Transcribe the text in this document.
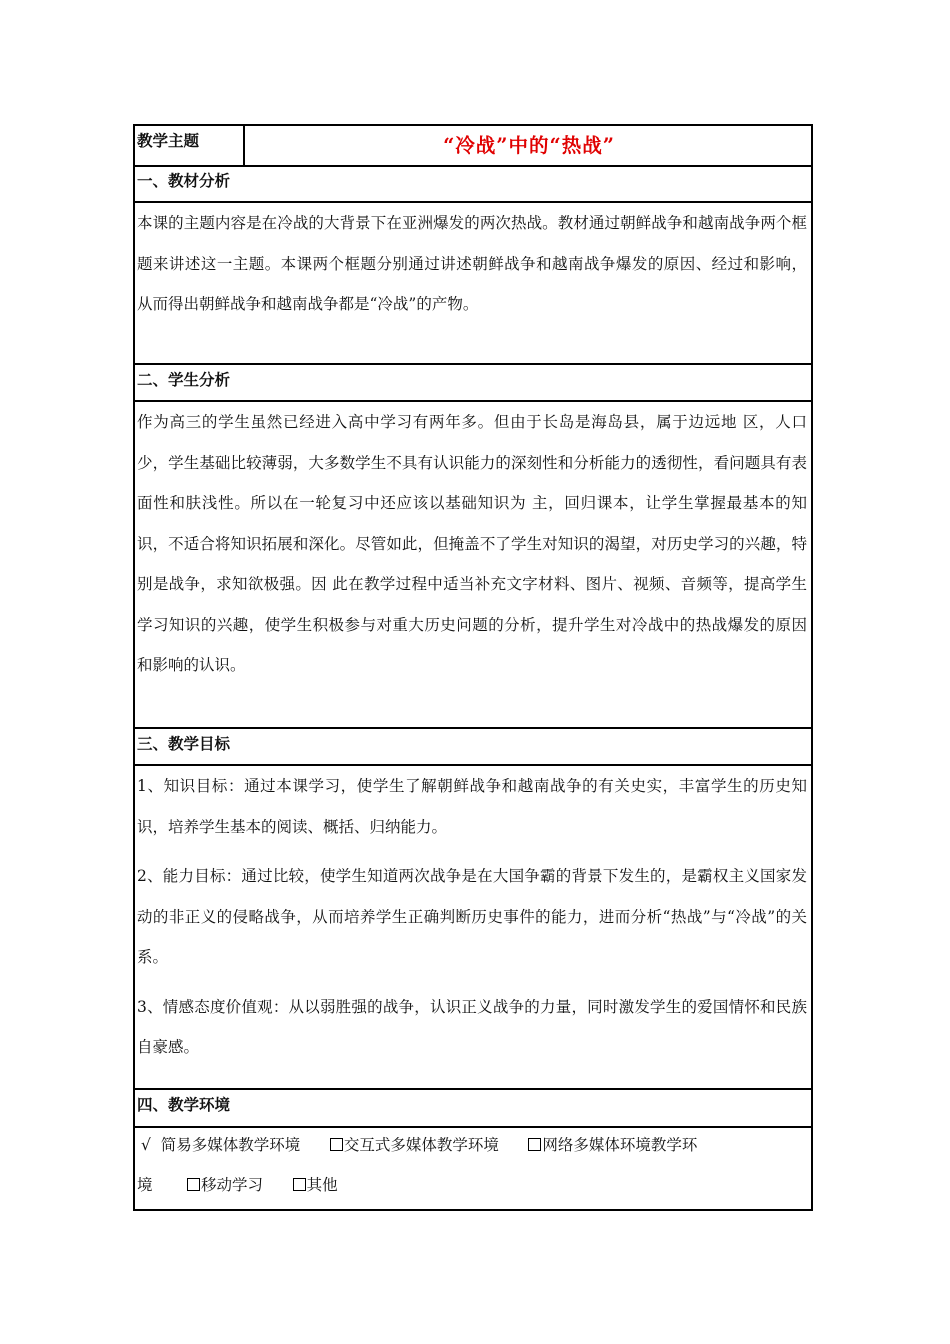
教学主题	“冷战”中的“热战”
一、教材分析
本课的主题内容是在冷战的大背景下在亚洲爆发的两次热战。教材通过朝鲜战争和越南战争两个框题来讲述这一主题。本课两个框题分别通过讲述朝鲜战争和越南战争爆发的原因、经过和影响， 从而得出朝鲜战争和越南战争都是“冷战”的产物。
二、学生分析
作为高三的学生虽然已经进入高中学习有两年多。但由于长岛是海岛县，属于边远地 区，人口少，学生基础比较薄弱，大多数学生不具有认识能力的深刻性和分析能力的透彻性，看问题具有表面性和肤浅性。所以在一轮复习中还应该以基础知识为 主，回归课本，让学生掌握最基本的知识，不适合将知识拓展和深化。尽管如此，但掩盖不了学生对知识的渴望，对历史学习的兴趣，特别是战争，求知欲极强。因 此在教学过程中适当补充文字材料、图片、视频、音频等，提高学生学习知识的兴趣，使学生积极参与对重大历史问题的分析，提升学生对冷战中的热战爆发的原因 和影响的认识。
三、教学目标
1、知识目标：通过本课学习，使学生了解朝鲜战争和越南战争的有关史实，丰富学生的历史知识，培养学生基本的阅读、概括、归纳能力。
2、能力目标：通过比较，使学生知道两次战争是在大国争霸的背景下发生的，是霸权主义国家发动的非正义的侵略战争，从而培养学生正确判断历史事件的能力，进而分析“热战”与“冷战”的关系。
3、情感态度价值观：从以弱胜强的战争，认识正义战争的力量，同时激发学生的爱国情怀和民族自豪感。
四、教学环境
√ 简易多媒体教学环境	交互式多媒体教学环境	网络多媒体环境教学环
境	移动学习	其他
